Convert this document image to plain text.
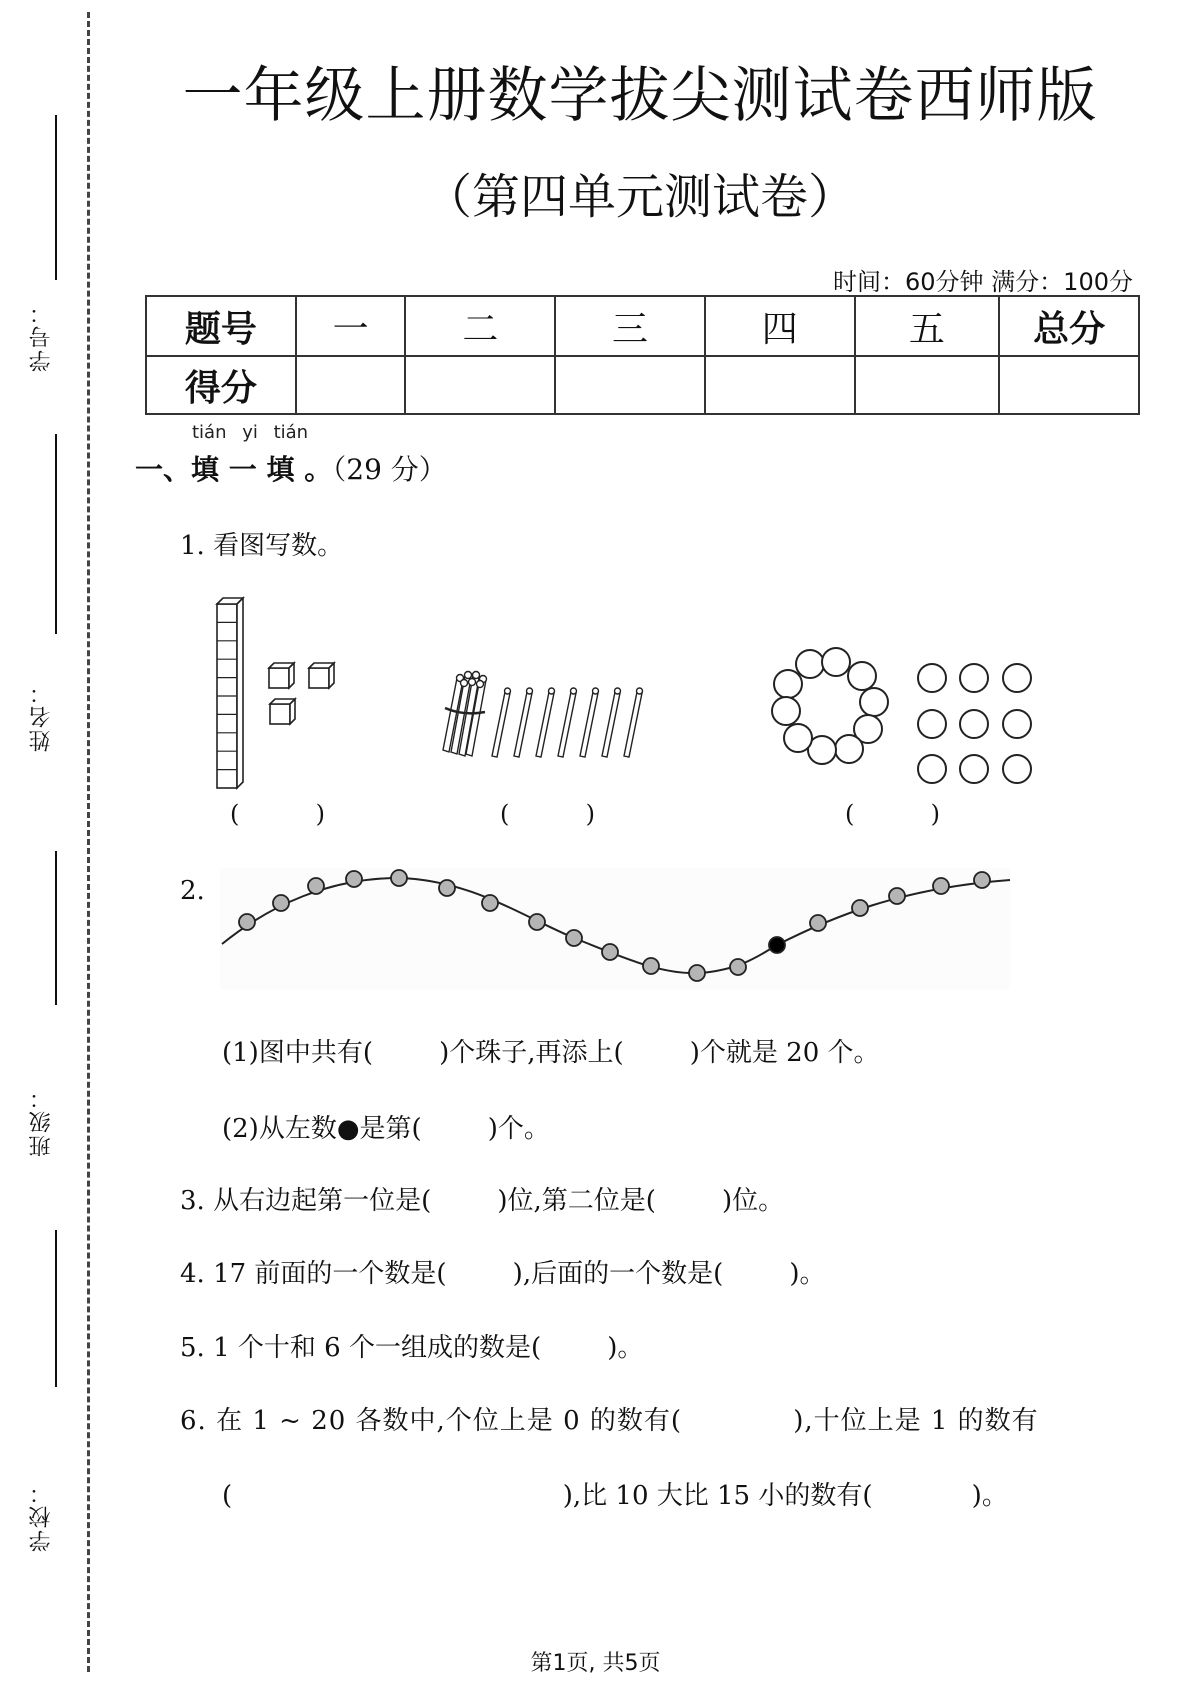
学号：
姓名：
班级：
学校：
一年级上册数学拔尖测试卷西师版
（第四单元测试卷）
时间：60分钟 满分：100分
题号	一	二	三	四	五	总分
得分						
tián yi tián
一、填 一 填 。（29 分）
1. 看图写数。
(          )	(          )	(          )
2.
(1)图中共有(        )个珠子,再添上(        )个就是 20 个。
(2)从左数●是第(        )个。
3. 从右边起第一位是(        )位,第二位是(        )位。
4. 17 前面的一个数是(        ),后面的一个数是(        )。
5. 1 个十和 6 个一组成的数是(        )。
6. 在 1 ~ 20 各数中,个位上是 0 的数有(            ),十位上是 1 的数有
(                                        ),比 10 大比 15 小的数有(            )。
第1页, 共5页
